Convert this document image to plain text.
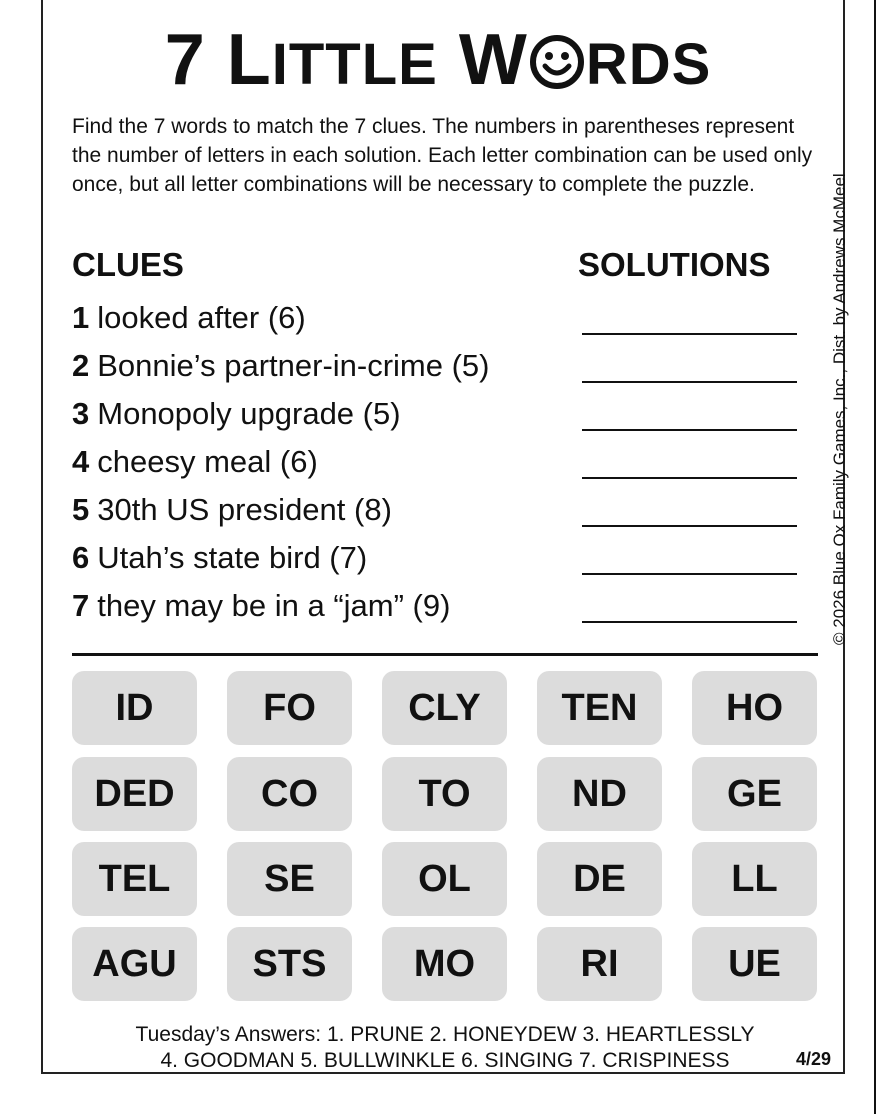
7 LITTLE W RDS
Find the 7 words to match the 7 clues. The numbers in parentheses represent the number of letters in each solution. Each letter combination can be used only once, but all letter combinations will be necessary to complete the puzzle.
CLUES	SOLUTIONS	© 2026 Blue Ox Family Games, Inc., Dist. by Andrews McMeel
1 looked after (6)
2 Bonnie’s partner-in-crime (5)
3 Monopoly upgrade (5)
4 cheesy meal (6)
5 30th US president (8)
6 Utah’s state bird (7)
7 they may be in a “jam” (9)
ID	FO	CLY	TEN	HO
DED	CO	TO	ND	GE
TEL	SE	OL	DE	LL
AGU	STS	MO	RI	UE
Tuesday’s Answers: 1. PRUNE 2. HONEYDEW 3. HEARTLESSLY
4. GOODMAN 5. BULLWINKLE 6. SINGING 7. CRISPINESS	4/29
